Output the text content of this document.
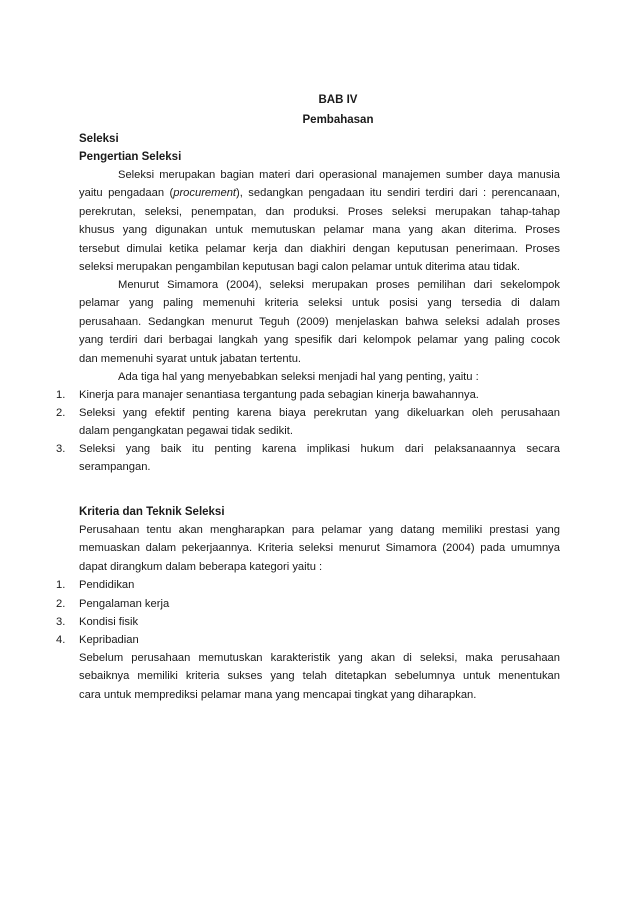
BAB IV
Pembahasan
Seleksi
Pengertian Seleksi
Seleksi merupakan bagian materi dari operasional manajemen sumber daya manusia
yaitu pengadaan (procurement), sedangkan pengadaan itu sendiri terdiri dari : perencanaan,
perekrutan, seleksi, penempatan, dan produksi. Proses seleksi merupakan tahap-tahap
khusus yang digunakan untuk memutuskan pelamar mana yang akan diterima. Proses
tersebut dimulai ketika pelamar kerja dan diakhiri dengan keputusan penerimaan. Proses
seleksi merupakan pengambilan keputusan bagi calon pelamar untuk diterima atau tidak.
Menurut Simamora (2004), seleksi merupakan proses pemilihan dari sekelompok
pelamar yang paling memenuhi kriteria seleksi untuk posisi yang tersedia di dalam
perusahaan. Sedangkan menurut Teguh (2009) menjelaskan bahwa seleksi adalah proses
yang terdiri dari berbagai langkah yang spesifik dari kelompok pelamar yang paling cocok
dan memenuhi syarat untuk jabatan tertentu.
Ada tiga hal yang menyebabkan seleksi menjadi hal yang penting, yaitu :
1. Kinerja para manajer senantiasa tergantung pada sebagian kinerja bawahannya.
2. Seleksi yang efektif penting karena biaya perekrutan yang dikeluarkan oleh perusahaan
dalam pengangkatan pegawai tidak sedikit.
3. Seleksi yang baik itu penting karena implikasi hukum dari pelaksanaannya secara
serampangan.
Kriteria dan Teknik Seleksi
Perusahaan tentu akan mengharapkan para pelamar yang datang memiliki prestasi yang
memuaskan dalam pekerjaannya. Kriteria seleksi menurut Simamora (2004) pada umumnya
dapat dirangkum dalam beberapa kategori yaitu :
1. Pendidikan
2. Pengalaman kerja
3. Kondisi fisik
4. Kepribadian
Sebelum perusahaan memutuskan karakteristik yang akan di seleksi, maka perusahaan
sebaiknya memiliki kriteria sukses yang telah ditetapkan sebelumnya untuk menentukan
cara untuk memprediksi pelamar mana yang mencapai tingkat yang diharapkan.
